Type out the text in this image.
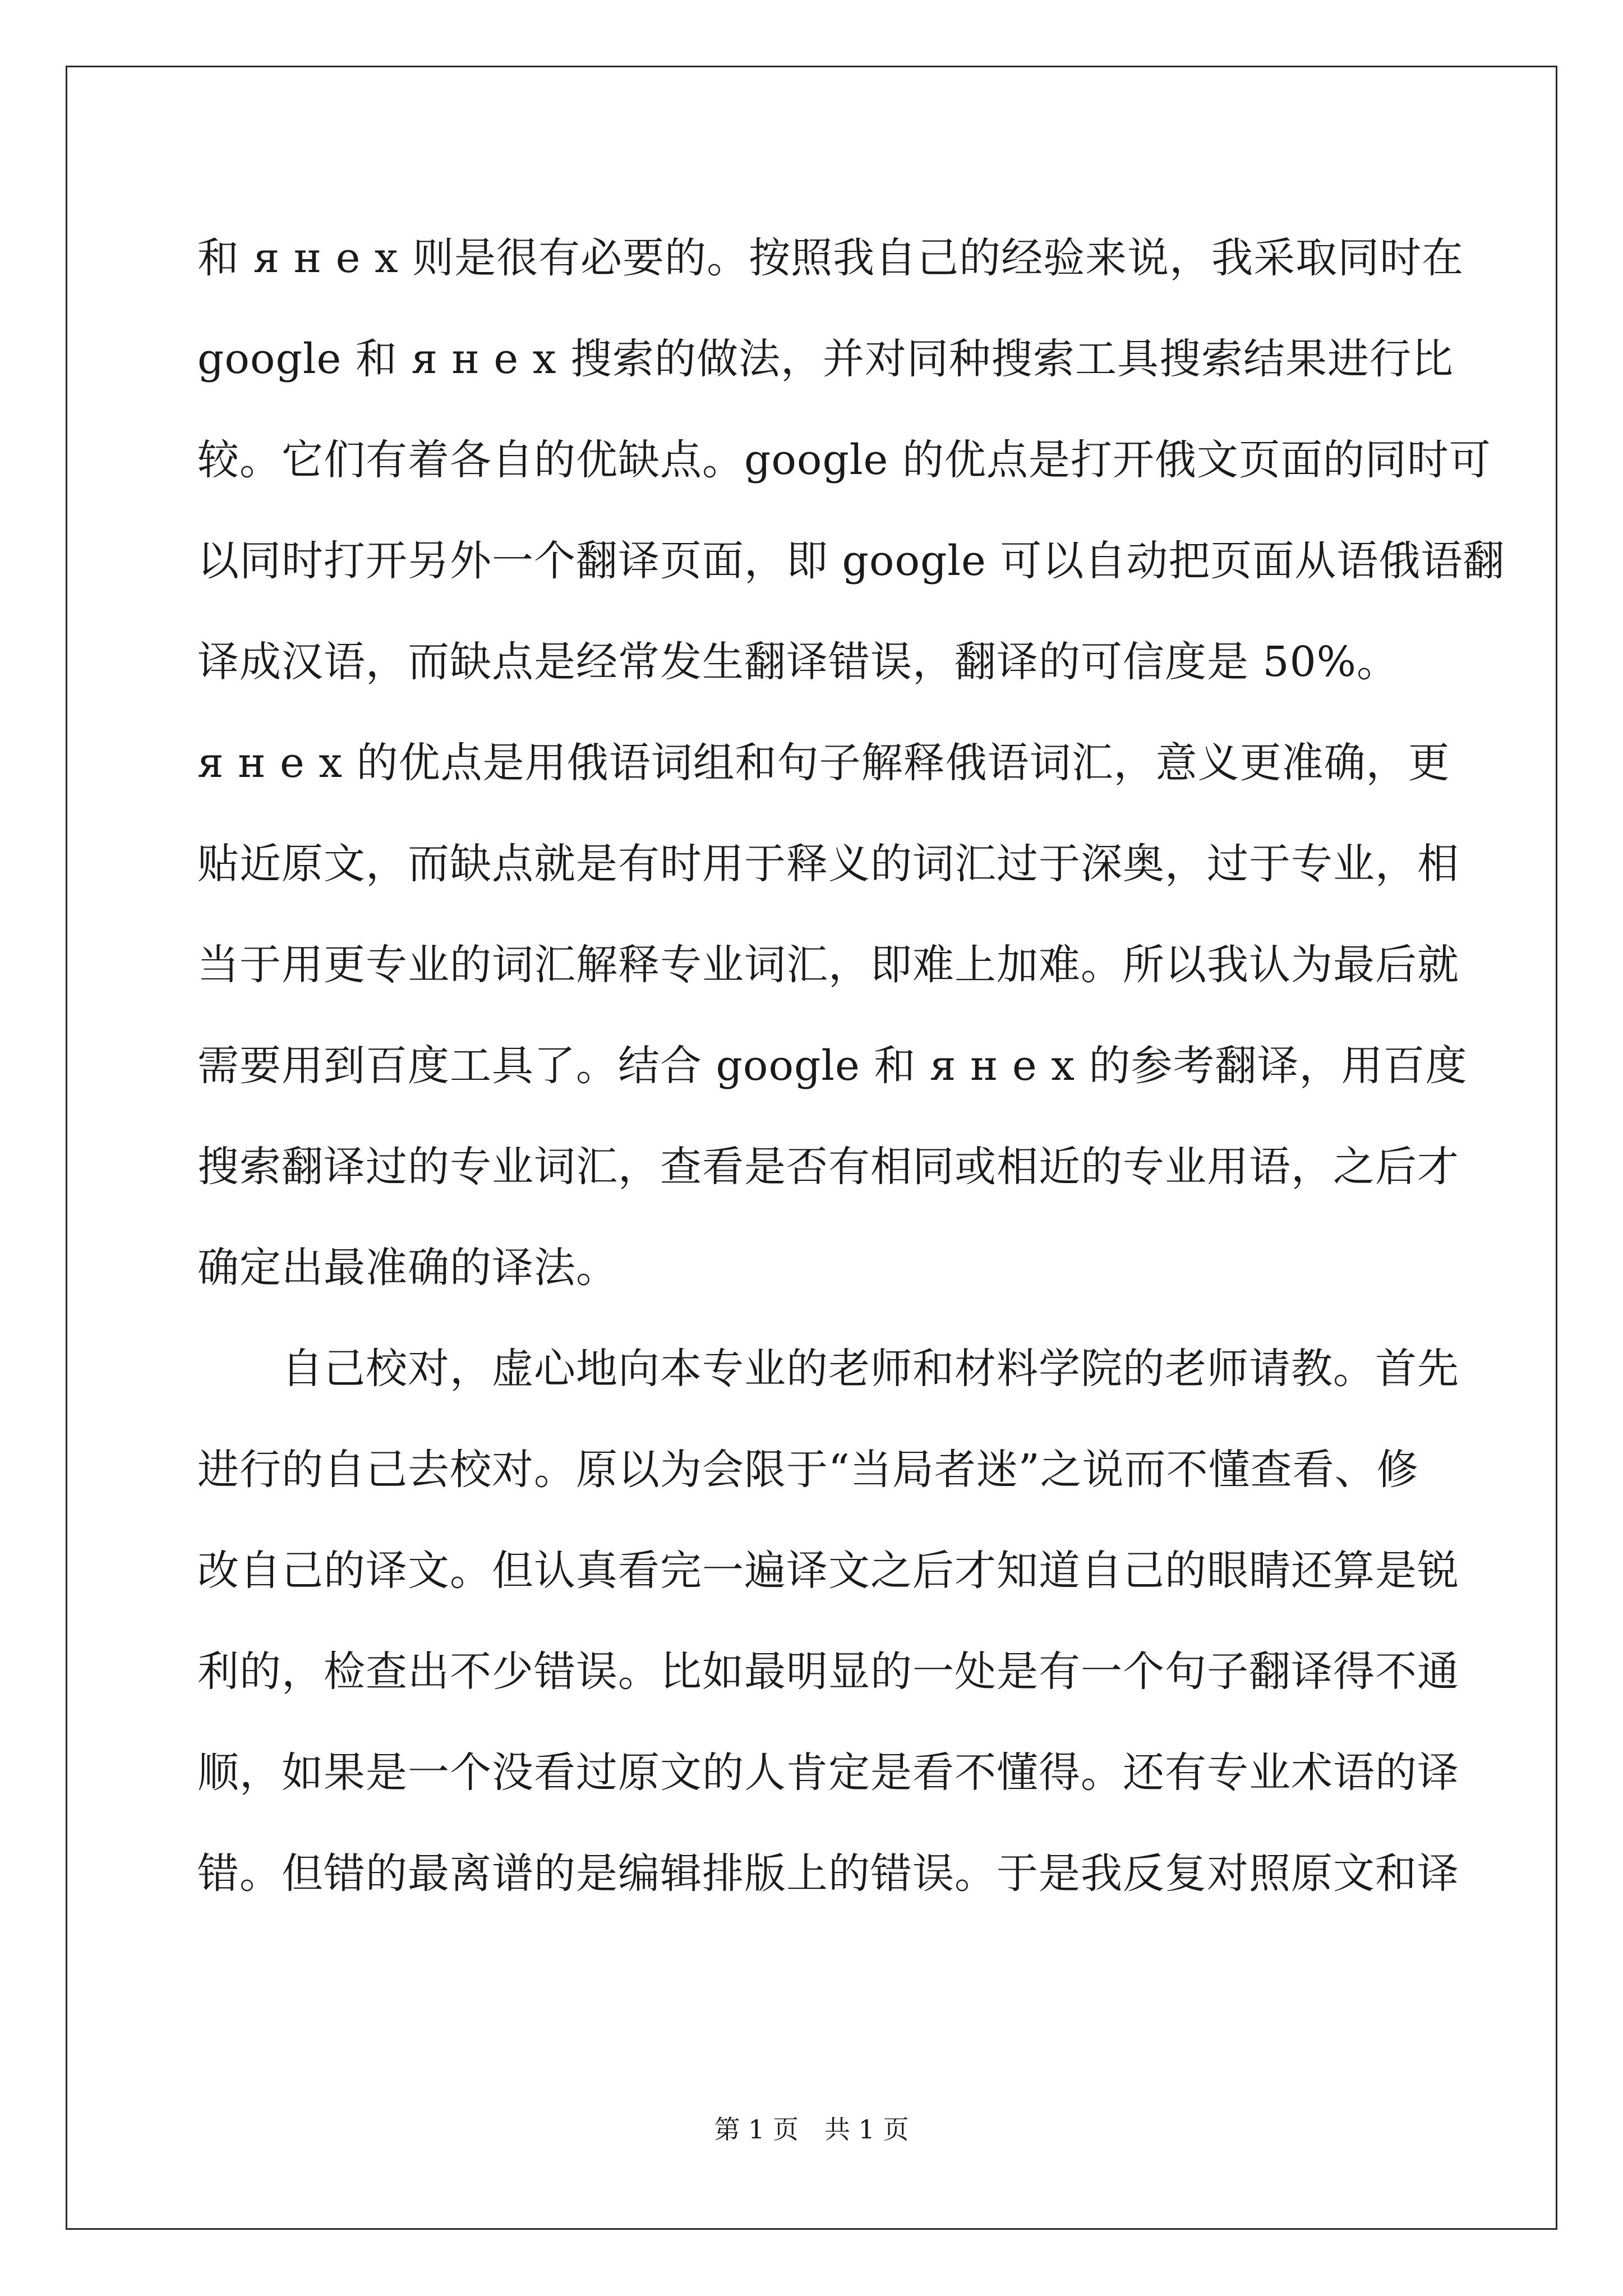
和 я н е х 则是很有必要的。按照我自己的经验来说，我采取同时在
google 和 я н е х 搜索的做法，并对同种搜索工具搜索结果进行比
较。它们有着各自的优缺点。google 的优点是打开俄文页面的同时可
以同时打开另外一个翻译页面，即 google 可以自动把页面从语俄语翻
译成汉语，而缺点是经常发生翻译错误，翻译的可信度是 50%。
я н е х 的优点是用俄语词组和句子解释俄语词汇，意义更准确，更
贴近原文，而缺点就是有时用于释义的词汇过于深奥，过于专业，相
当于用更专业的词汇解释专业词汇，即难上加难。所以我认为最后就
需要用到百度工具了。结合 google 和 я н е х 的参考翻译，用百度
搜索翻译过的专业词汇，查看是否有相同或相近的专业用语，之后才
确定出最准确的译法。
自己校对，虚心地向本专业的老师和材料学院的老师请教。首先
进行的自己去校对。原以为会限于“当局者迷”之说而不懂查看、修
改自己的译文。但认真看完一遍译文之后才知道自己的眼睛还算是锐
利的，检查出不少错误。比如最明显的一处是有一个句子翻译得不通
顺，如果是一个没看过原文的人肯定是看不懂得。还有专业术语的译
错。但错的最离谱的是编辑排版上的错误。于是我反复对照原文和译
第 1 页　共 1 页
